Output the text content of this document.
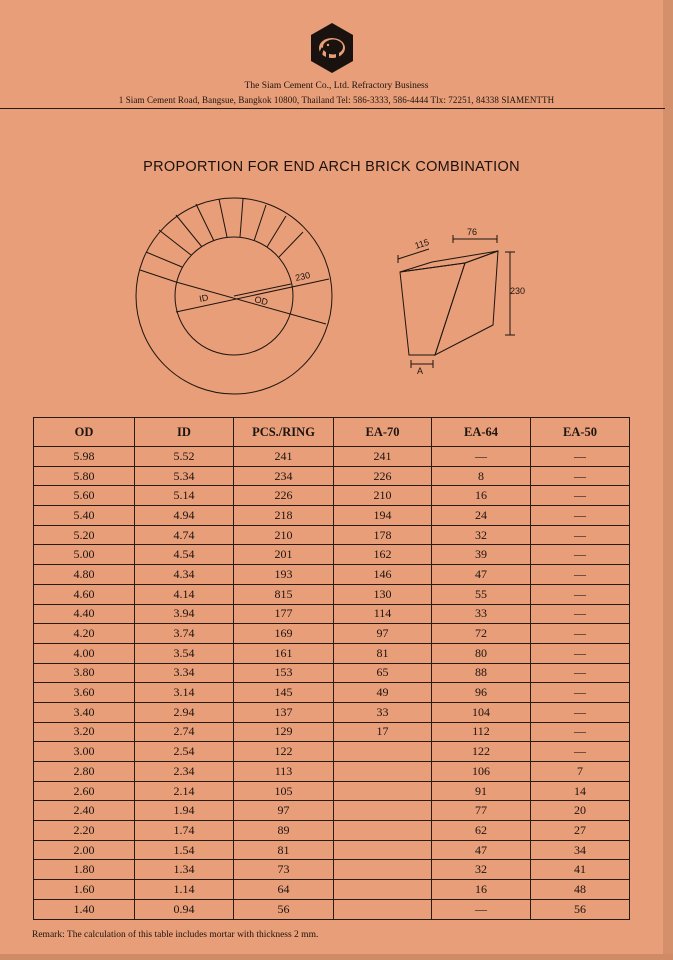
The Siam Cement Co., Ltd. Refractory Business
1 Siam Cement Road, Bangsue, Bangkok 10800, Thailand Tel: 586-3333, 586-4444 Tlx: 72251, 84338 SIAMENTTH
PROPORTION FOR END ARCH BRICK COMBINATION
ID	OD
230
115
76
230
A
OD	ID	PCS./RING	EA-70	EA-64	EA-50
5.98	5.52	241	241	—	—
5.80	5.34	234	226	8	—
5.60	5.14	226	210	16	—
5.40	4.94	218	194	24	—
5.20	4.74	210	178	32	—
5.00	4.54	201	162	39	—
4.80	4.34	193	146	47	—
4.60	4.14	815	130	55	—
4.40	3.94	177	114	33	—
4.20	3.74	169	97	72	—
4.00	3.54	161	81	80	—
3.80	3.34	153	65	88	—
3.60	3.14	145	49	96	—
3.40	2.94	137	33	104	—
3.20	2.74	129	17	112	—
3.00	2.54	122		122	—
2.80	2.34	113		106	7
2.60	2.14	105		91	14
2.40	1.94	97		77	20
2.20	1.74	89		62	27
2.00	1.54	81		47	34
1.80	1.34	73		32	41
1.60	1.14	64		16	48
1.40	0.94	56		—	56
Remark: The calculation of this table includes mortar with thickness 2 mm.
